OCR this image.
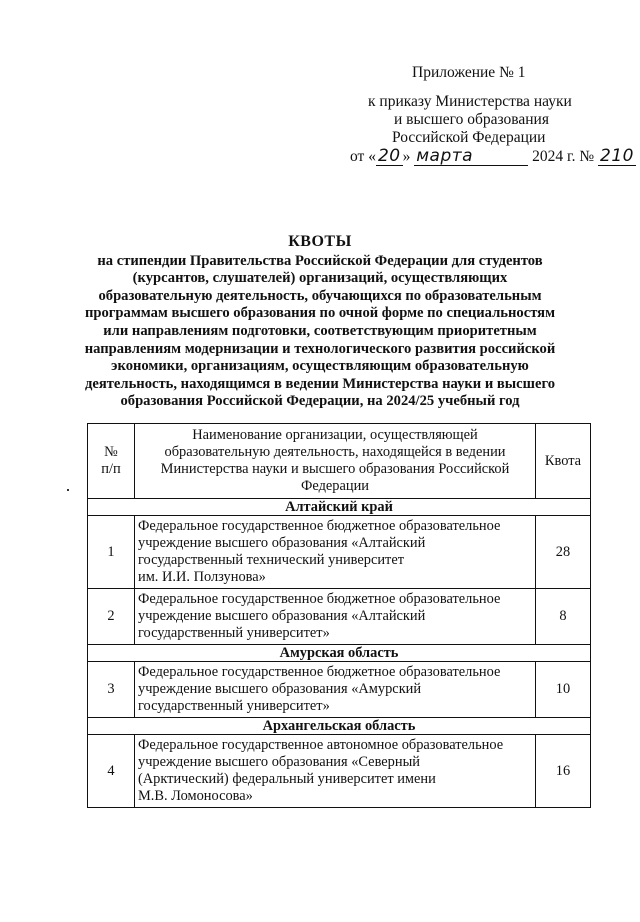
Приложение № 1
к приказу Министерства науки
и высшего образования
Российской Федерации
от « 20 » марта	2024 г. № 210
КВОТЫ
на стипендии Правительства Российской Федерации для студентов
(курсантов, слушателей) организаций, осуществляющих
образовательную деятельность, обучающихся по образовательным
программам высшего образования по очной форме по специальностям
или направлениям подготовки, соответствующим приоритетным
направлениям модернизации и технологического развития российской
экономики, организациям, осуществляющим образовательную
деятельность, находящимся в ведении Министерства науки и высшего
образования Российской Федерации, на 2024/25 учебный год
№
п/п	Наименование организации, осуществляющей образовательную деятельность, находящейся в ведении Министерства науки и высшего образования Российской Федерации	Квота
Алтайский край		
1	Федеральное государственное бюджетное образовательное
учреждение высшего образования «Алтайский
государственный технический университет
им. И.И. Ползунова»	28
2	Федеральное государственное бюджетное образовательное
учреждение высшего образования «Алтайский
государственный университет»	8
Амурская область		
3	Федеральное государственное бюджетное образовательное
учреждение высшего образования «Амурский
государственный университет»	10
Архангельская область		
4	Федеральное государственное автономное образовательное
учреждение высшего образования «Северный
(Арктический) федеральный университет имени
М.В. Ломоносова»	16
